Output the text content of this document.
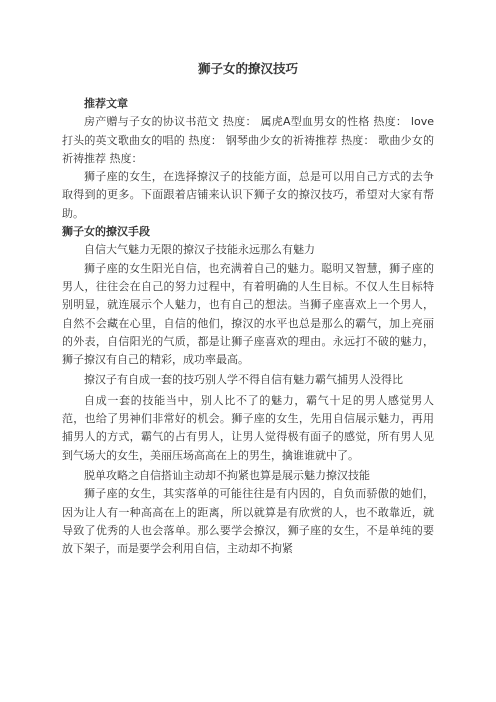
狮子女的撩汉技巧

推荐文章

房产赠与子女的协议书范文 热度： 属虎A型血男女的性格 热度： love 打头的英文歌曲女的唱的 热度： 钢琴曲少女的祈祷推荐 热度： 歌曲少女的祈祷推荐 热度：

狮子座的女生，在选择撩汉子的技能方面，总是可以用自己方式的去争取得到的更多。下面跟着店铺来认识下狮子女的撩汉技巧，希望对大家有帮助。

狮子女的撩汉手段

自信大气魅力无限的撩汉子技能永远那么有魅力

狮子座的女生阳光自信，也充满着自己的魅力。聪明又智慧，狮子座的男人，往往会在自己的努力过程中，有着明确的人生目标。不仅人生目标特别明显，就连展示个人魅力，也有自己的想法。当狮子座喜欢上一个男人，自然不会藏在心里，自信的他们，撩汉的水平也总是那么的霸气，加上亮丽的外表，自信阳光的气质，都是让狮子座喜欢的理由。永远打不破的魅力，狮子撩汉有自己的精彩，成功率最高。

撩汉子有自成一套的技巧别人学不得自信有魅力霸气捕男人没得比

自成一套的技能当中，别人比不了的魅力，霸气十足的男人感觉男人范，也给了男神们非常好的机会。狮子座的女生，先用自信展示魅力，再用捕男人的方式，霸气的占有男人，让男人觉得极有面子的感觉，所有男人见到气场大的女生，美丽压场高高在上的男生，擒谁谁就中了。

脱单攻略之自信搭讪主动却不拘紧也算是展示魅力撩汉技能

狮子座的女生，其实落单的可能往往是有内因的，自负而骄傲的她们，因为让人有一种高高在上的距离，所以就算是有欣赏的人，也不敢靠近，就导致了优秀的人也会落单。那么要学会撩汉，狮子座的女生，不是单纯的要放下架子，而是要学会利用自信，主动却不拘紧
